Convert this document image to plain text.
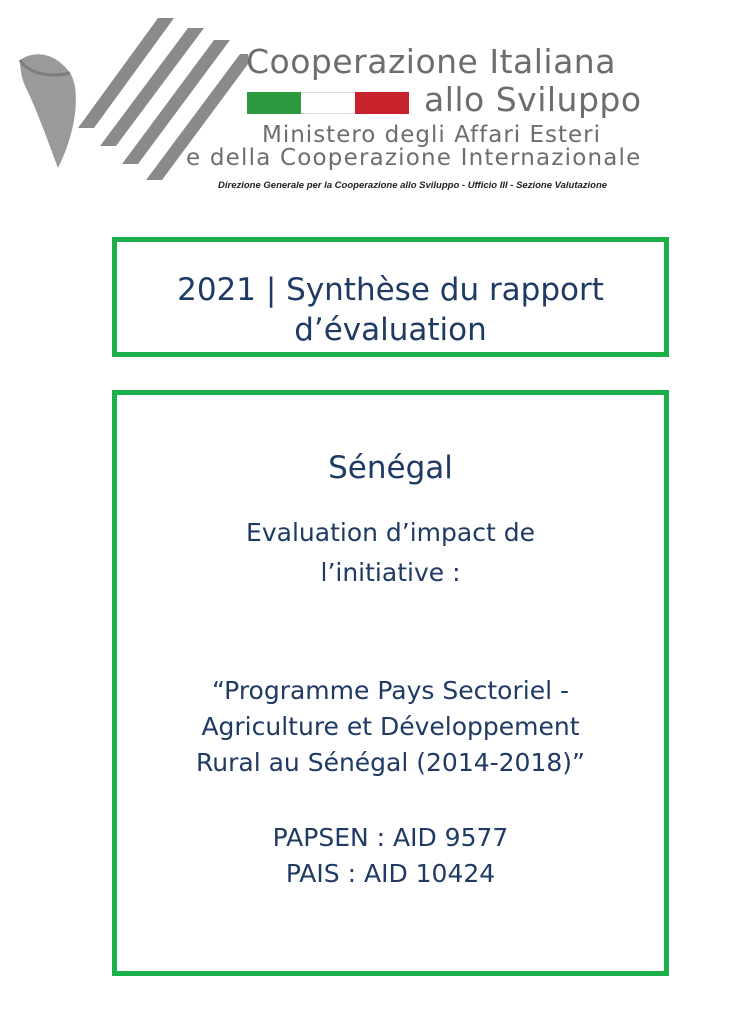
Cooperazione Italiana
allo Sviluppo
Ministero degli Affari Esteri
e della Cooperazione Internazionale
Direzione Generale per la Cooperazione allo Sviluppo - Ufficio III - Sezione Valutazione
2021 | Synthèse du rapport
d’évaluation
Sénégal
Evaluation d’impact de
l’initiative :
“Programme Pays Sectoriel -
Agriculture et Développement
Rural au Sénégal (2014-2018)”
PAPSEN : AID 9577
PAIS : AID 10424
